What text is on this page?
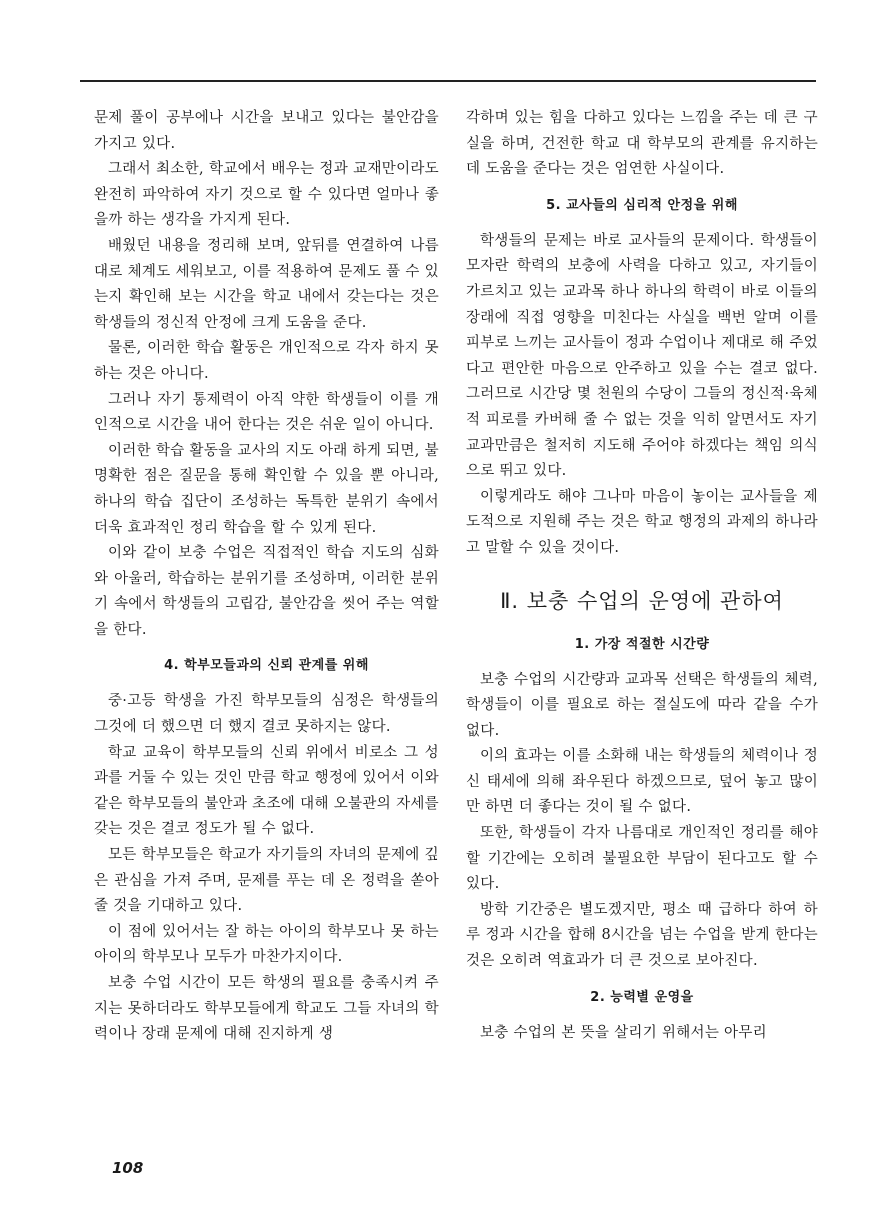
문제 풀이 공부에나 시간을 보내고 있다는 불안감을 가지고 있다.

그래서 최소한, 학교에서 배우는 정과 교재만이라도 완전히 파악하여 자기 것으로 할 수 있다면 얼마나 좋을까 하는 생각을 가지게 된다.

배웠던 내용을 정리해 보며, 앞뒤를 연결하여 나름대로 체계도 세워보고, 이를 적용하여 문제도 풀 수 있는지 확인해 보는 시간을 학교 내에서 갖는다는 것은 학생들의 정신적 안정에 크게 도움을 준다.

물론, 이러한 학습 활동은 개인적으로 각자 하지 못하는 것은 아니다.

그러나 자기 통제력이 아직 약한 학생들이 이를 개인적으로 시간을 내어 한다는 것은 쉬운 일이 아니다.

이러한 학습 활동을 교사의 지도 아래 하게 되면, 불명확한 점은 질문을 통해 확인할 수 있을 뿐 아니라, 하나의 학습 집단이 조성하는 독특한 분위기 속에서 더욱 효과적인 정리 학습을 할 수 있게 된다.

이와 같이 보충 수업은 직접적인 학습 지도의 심화와 아울러, 학습하는 분위기를 조성하며, 이러한 분위기 속에서 학생들의 고립감, 불안감을 씻어 주는 역할을 한다.

4. 학부모들과의 신뢰 관계를 위해

중·고등 학생을 가진 학부모들의 심정은 학생들의 그것에 더 했으면 더 했지 결코 못하지는 않다.

학교 교육이 학부모들의 신뢰 위에서 비로소 그 성과를 거둘 수 있는 것인 만큼 학교 행정에 있어서 이와 같은 학부모들의 불안과 초조에 대해 오불관의 자세를 갖는 것은 결코 정도가 될 수 없다.

모든 학부모들은 학교가 자기들의 자녀의 문제에 깊은 관심을 가져 주며, 문제를 푸는 데 온 정력을 쏟아 줄 것을 기대하고 있다.

이 점에 있어서는 잘 하는 아이의 학부모나 못 하는 아이의 학부모나 모두가 마찬가지이다.

보충 수업 시간이 모든 학생의 필요를 충족시켜 주지는 못하더라도 학부모들에게 학교도 그들 자녀의 학력이나 장래 문제에 대해 진지하게 생

각하며 있는 힘을 다하고 있다는 느낌을 주는 데 큰 구실을 하며, 건전한 학교 대 학부모의 관계를 유지하는 데 도움을 준다는 것은 엄연한 사실이다.

5. 교사들의 심리적 안정을 위해

학생들의 문제는 바로 교사들의 문제이다. 학생들이 모자란 학력의 보충에 사력을 다하고 있고, 자기들이 가르치고 있는 교과목 하나 하나의 학력이 바로 이들의 장래에 직접 영향을 미친다는 사실을 백번 알며 이를 피부로 느끼는 교사들이 정과 수업이나 제대로 해 주었다고 편안한 마음으로 안주하고 있을 수는 결코 없다. 그러므로 시간당 몇 천원의 수당이 그들의 정신적·육체적 피로를 카버해 줄 수 없는 것을 익히 알면서도 자기 교과만큼은 철저히 지도해 주어야 하겠다는 책임 의식으로 뛰고 있다.

이렇게라도 해야 그나마 마음이 놓이는 교사들을 제도적으로 지원해 주는 것은 학교 행정의 과제의 하나라고 말할 수 있을 것이다.

Ⅱ. 보충 수업의 운영에 관하여
1. 가장 적절한 시간량

보충 수업의 시간량과 교과목 선택은 학생들의 체력, 학생들이 이를 필요로 하는 절실도에 따라 같을 수가 없다.

이의 효과는 이를 소화해 내는 학생들의 체력이나 정신 태세에 의해 좌우된다 하겠으므로, 덮어 놓고 많이만 하면 더 좋다는 것이 될 수 없다.

또한, 학생들이 각자 나름대로 개인적인 정리를 해야 할 기간에는 오히려 불필요한 부담이 된다고도 할 수 있다.

방학 기간중은 별도겠지만, 평소 때 급하다 하여 하루 정과 시간을 합해 8시간을 넘는 수업을 받게 한다는 것은 오히려 역효과가 더 큰 것으로 보아진다.

2. 능력별 운영을

보충 수업의 본 뜻을 살리기 위해서는 아무리

108
